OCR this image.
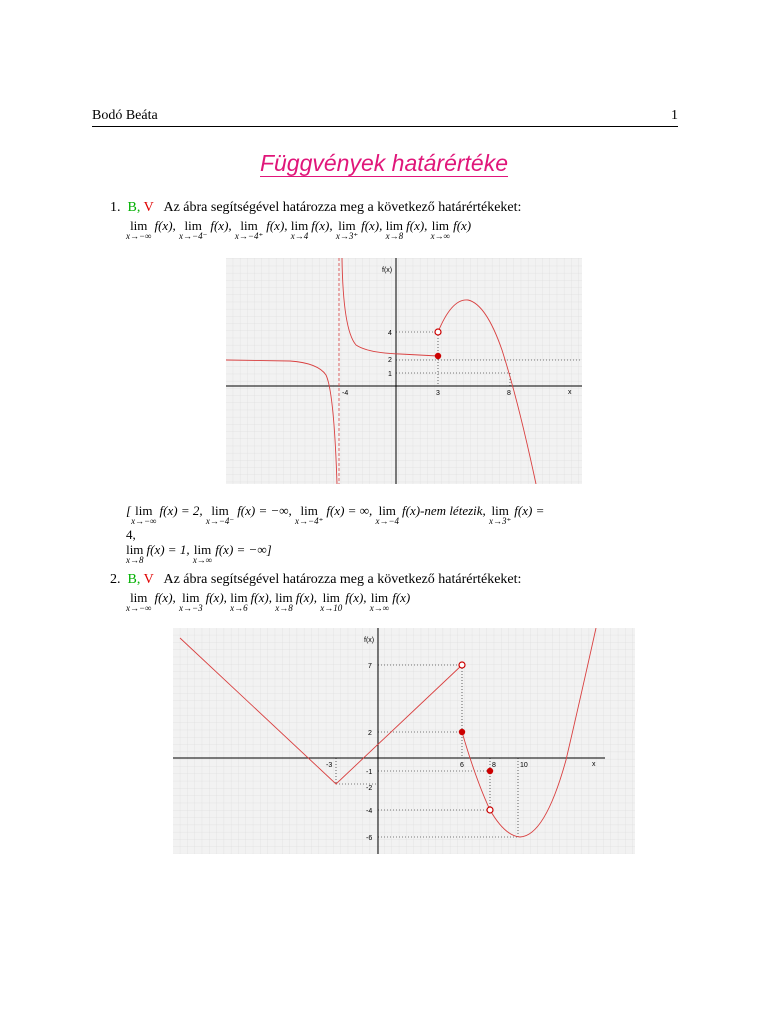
Bodó Beáta	1
Függvények határértéke
1. B, V Az ábra segítségével határozza meg a következő határértékeket:
lim
x→−∞
f(x), lim
x→−4⁻
f(x), lim
x→−4⁺
f(x), lim
x→4
f(x), lim
x→3⁺
f(x), lim
x→8
f(x), lim
x→∞
f(x)
f(x)
x
-4	3	8
4
2
1
[ lim
x→−∞
f(x) = 2, lim
x→−4⁻
f(x) = −∞, lim
x→−4⁺
f(x) = ∞, lim
x→−4
f(x)-nem létezik, lim
x→3⁺
f(x) =
4,
lim
x→8
f(x) = 1, lim
x→∞
f(x) = −∞]
2. B, V Az ábra segítségével határozza meg a következő határértékeket:
lim
x→−∞
f(x), lim
x→−3
f(x), lim
x→6
f(x), lim
x→8
f(x), lim
x→10
f(x), lim
x→∞
f(x)
f(x)
x
-3	6	8	10
7
2
-1
-2
-4
-6
